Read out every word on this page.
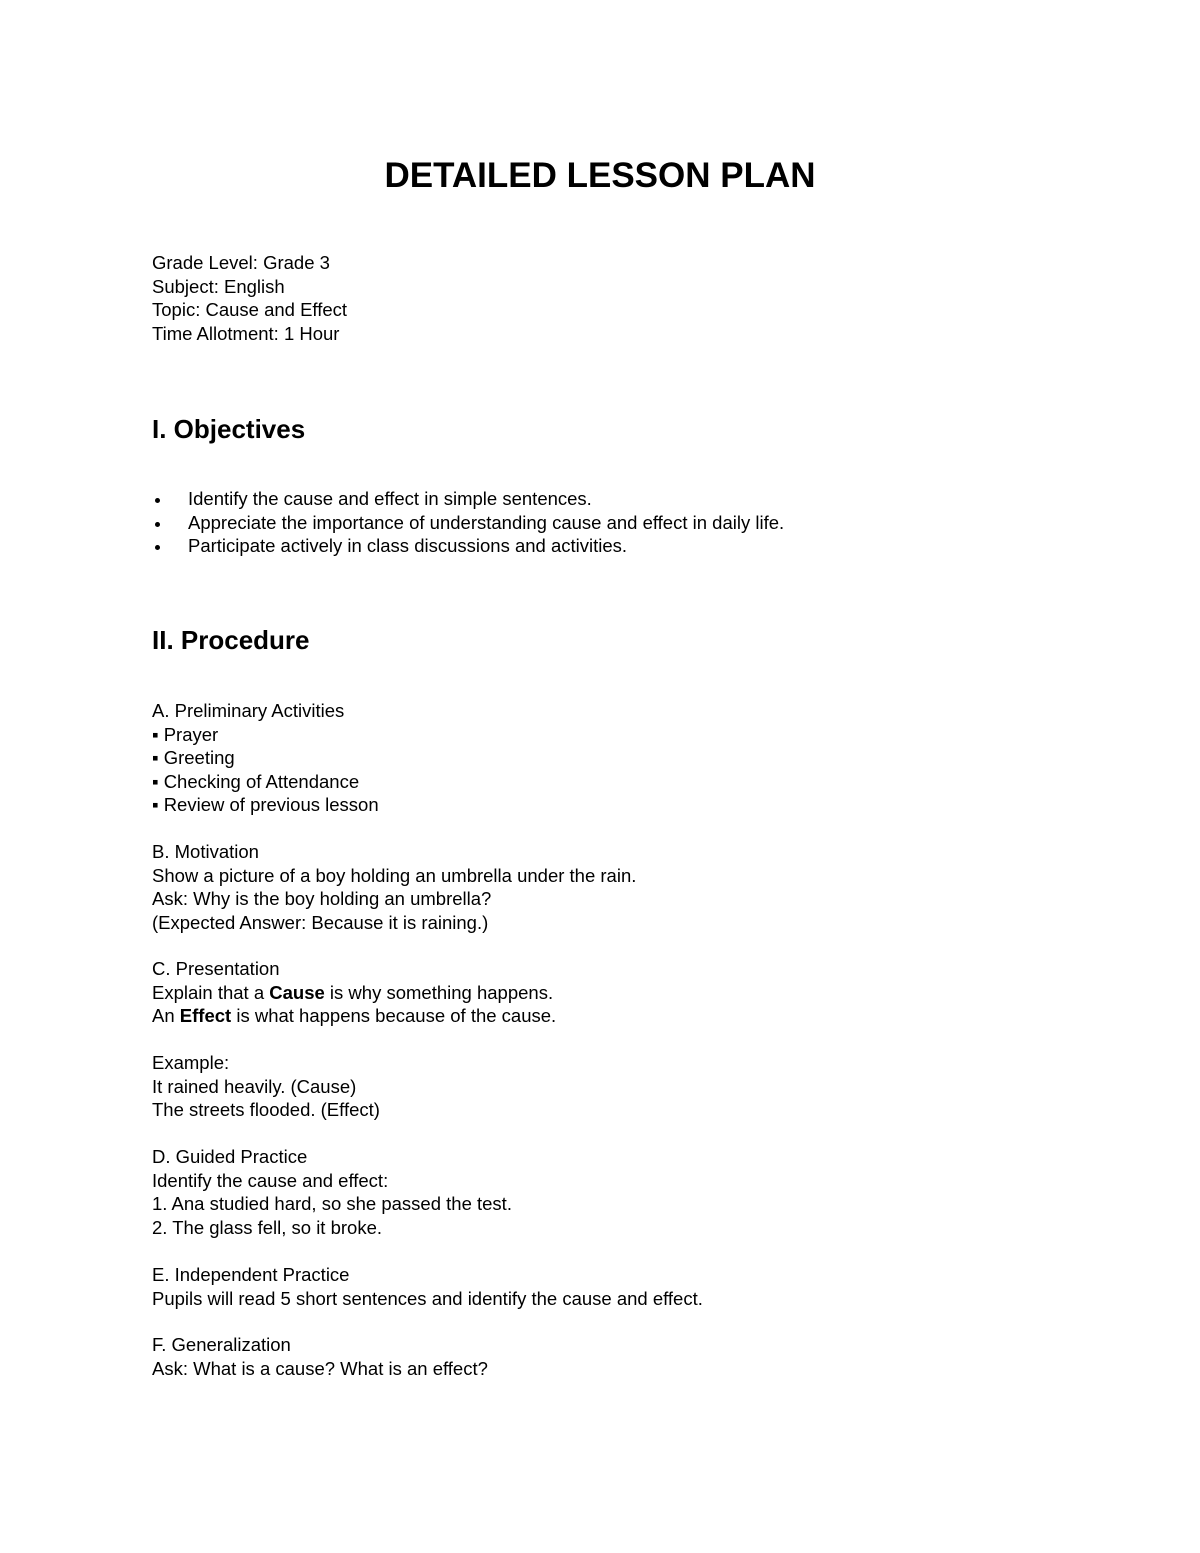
DETAILED LESSON PLAN
Grade Level: Grade 3
Subject: English
Topic: Cause and Effect
Time Allotment: 1 Hour
I. Objectives
Identify the cause and effect in simple sentences.
Appreciate the importance of understanding cause and effect in daily life.
Participate actively in class discussions and activities.
II. Procedure
A. Preliminary Activities
▪ Prayer
▪ Greeting
▪ Checking of Attendance
▪ Review of previous lesson
B. Motivation
Show a picture of a boy holding an umbrella under the rain.
Ask: Why is the boy holding an umbrella?
(Expected Answer: Because it is raining.)
C. Presentation
Explain that a Cause is why something happens.
An Effect is what happens because of the cause.
Example:
It rained heavily. (Cause)
The streets flooded. (Effect)
D. Guided Practice
Identify the cause and effect:
1. Ana studied hard, so she passed the test.
2. The glass fell, so it broke.
E. Independent Practice
Pupils will read 5 short sentences and identify the cause and effect.
F. Generalization
Ask: What is a cause? What is an effect?
